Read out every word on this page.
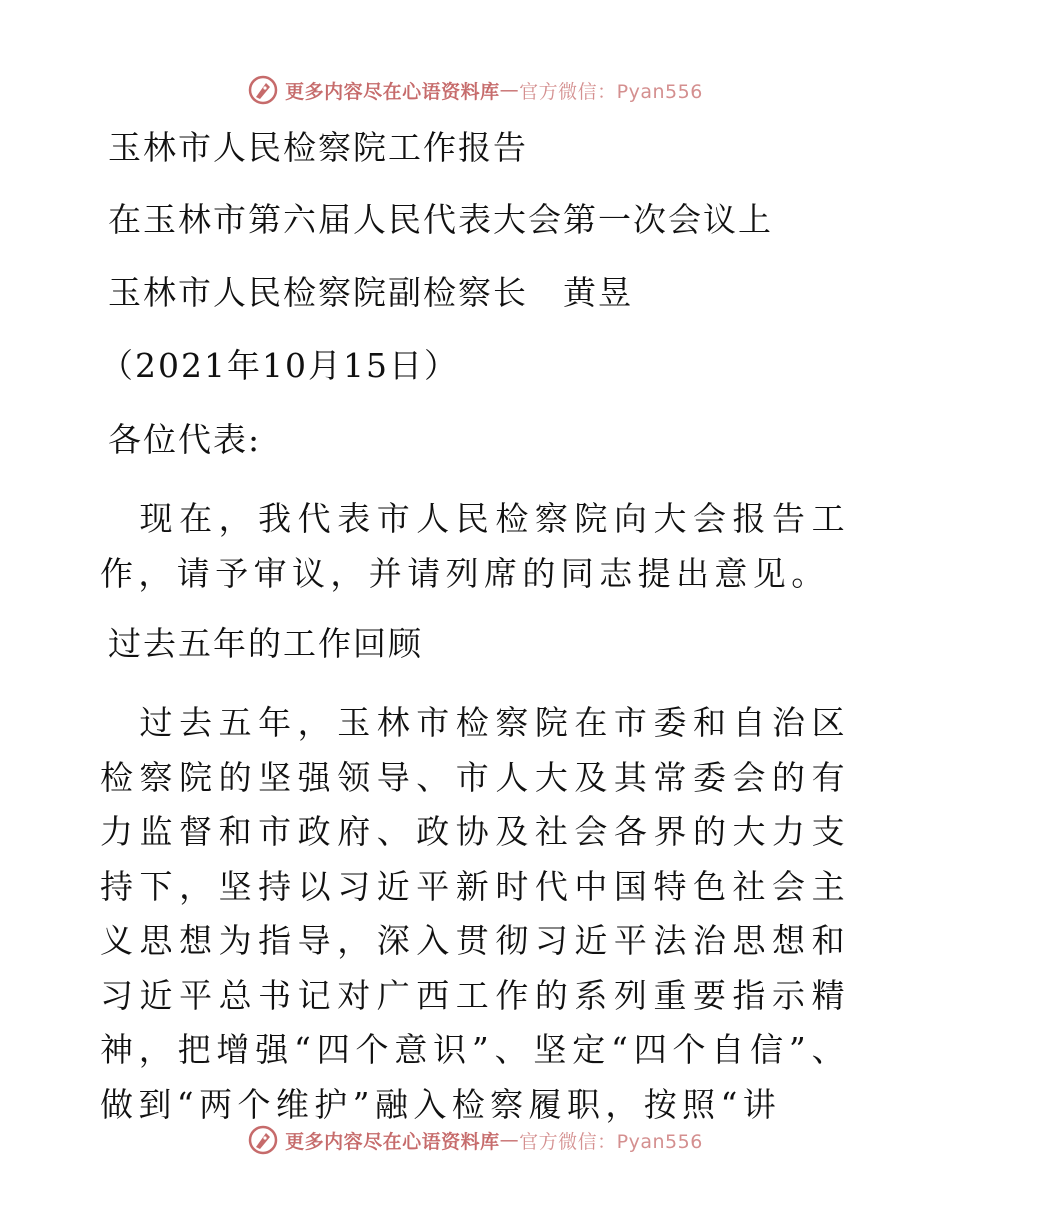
更多内容尽在心语资料库 — 官方微信：Pyan556
玉林市人民检察院工作报告
在玉林市第六届人民代表大会第一次会议上
玉林市人民检察院副检察长　黄昱
（2021年10月15日）
各位代表:
　现在，我代表市人民检察院向大会报告工作，请予审议，并请列席的同志提出意见。
过去五年的工作回顾
　过去五年，玉林市检察院在市委和自治区检察院的坚强领导、市人大及其常委会的有力监督和市政府、政协及社会各界的大力支持下，坚持以习近平新时代中国特色社会主义思想为指导，深入贯彻习近平法治思想和习近平总书记对广西工作的系列重要指示精神，把增强“四个意识”、坚定“四个自信”、做到“两个维护”融入检察履职，按照“讲
更多内容尽在心语资料库 — 官方微信：Pyan556
